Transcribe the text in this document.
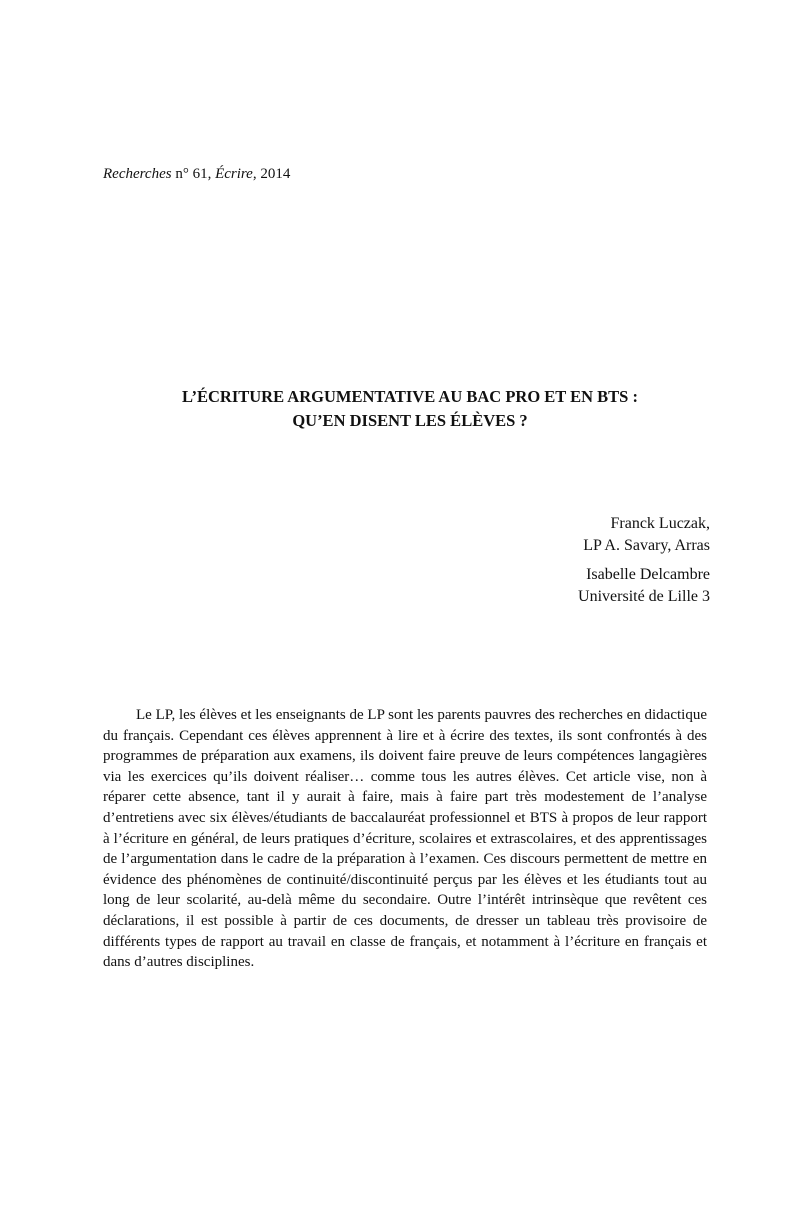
Recherches n° 61, Écrire, 2014
L’ÉCRITURE ARGUMENTATIVE AU BAC PRO ET EN BTS :
QU’EN DISENT LES ÉLÈVES ?
Franck Luczak,
LP A. Savary, Arras
Isabelle Delcambre
Université de Lille 3

Le LP, les élèves et les enseignants de LP sont les parents pauvres des recherches en didactique du français. Cependant ces élèves apprennent à lire et à écrire des textes, ils sont confrontés à des programmes de préparation aux examens, ils doivent faire preuve de leurs compétences langagières via les exercices qu’ils doivent réaliser… comme tous les autres élèves. Cet article vise, non à réparer cette absence, tant il y aurait à faire, mais à faire part très modestement de l’analyse d’entretiens avec six élèves/étudiants de baccalauréat professionnel et BTS à propos de leur rapport à l’écriture en général, de leurs pratiques d’écriture, scolaires et extrascolaires, et des apprentissages de l’argumentation dans le cadre de la préparation à l’examen. Ces discours permettent de mettre en évidence des phénomènes de continuité/discontinuité perçus par les élèves et les étudiants tout au long de leur scolarité, au-delà même du secondaire. Outre l’intérêt intrinsèque que revêtent ces déclarations, il est possible à partir de ces documents, de dresser un tableau très provisoire de différents types de rapport au travail en classe de français, et notamment à l’écriture en français et dans d’autres disciplines.
